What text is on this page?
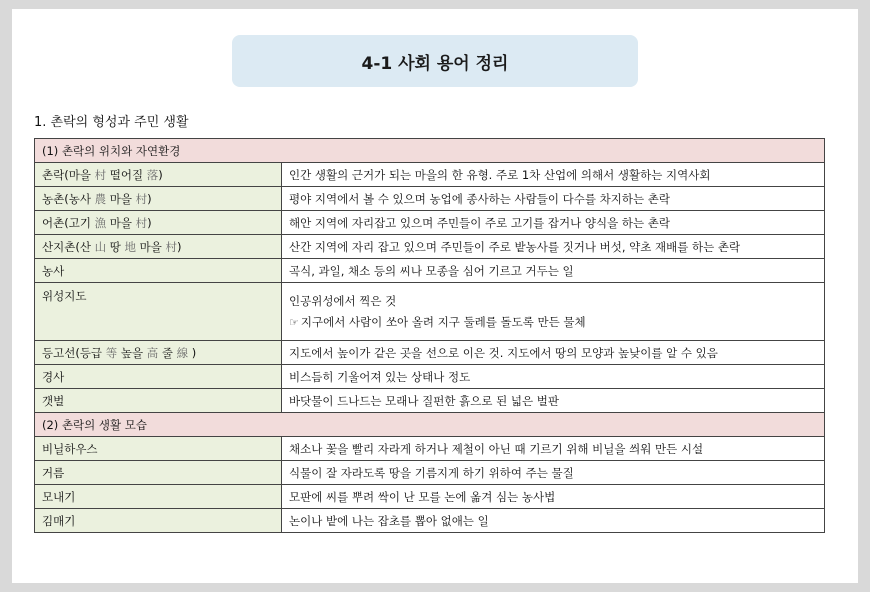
4-1 사회 용어 정리
1. 촌락의 형성과 주민 생활
(1) 촌락의 위치와 자연환경	
촌락(마을 村 떨어질 落)	인간 생활의 근거가 되는 마을의 한 유형. 주로 1차 산업에 의해서 생활하는 지역사회
농촌(농사 農 마을 村)	평야 지역에서 볼 수 있으며 농업에 종사하는 사람들이 다수를 차지하는 촌락
어촌(고기 漁 마을 村)	해안 지역에 자리잡고 있으며 주민들이 주로 고기를 잡거나 양식을 하는 촌락
산지촌(산 山 땅 地 마을 村)	산간 지역에 자리 잡고 있으며 주민들이 주로 밭농사를 짓거나 버섯, 약초 재배를 하는 촌락
농사	곡식, 과일, 채소 등의 씨나 모종을 심어 기르고 거두는 일
위성지도	인공위성에서 찍은 것
☞ 지구에서 사람이 쏘아 올려 지구 둘레를 돌도록 만든 물체

등고선(등급 等 높을 高 줄 線 )	지도에서 높이가 같은 곳을 선으로 이은 것. 지도에서 땅의 모양과 높낮이를 알 수 있음
경사	비스듬히 기울어져 있는 상태나 정도
갯벌	바닷물이 드나드는 모래나 질펀한 흙으로 된 넓은 벌판
(2) 촌락의 생활 모습	
비닐하우스	채소나 꽃을 빨리 자라게 하거나 제철이 아닌 때 기르기 위해 비닐을 씌워 만든 시설
거름	식물이 잘 자라도록 땅을 기름지게 하기 위하여 주는 물질
모내기	모판에 씨를 뿌려 싹이 난 모를 논에 옮겨 심는 농사법
김매기	논이나 밭에 나는 잡초를 뽑아 없애는 일
